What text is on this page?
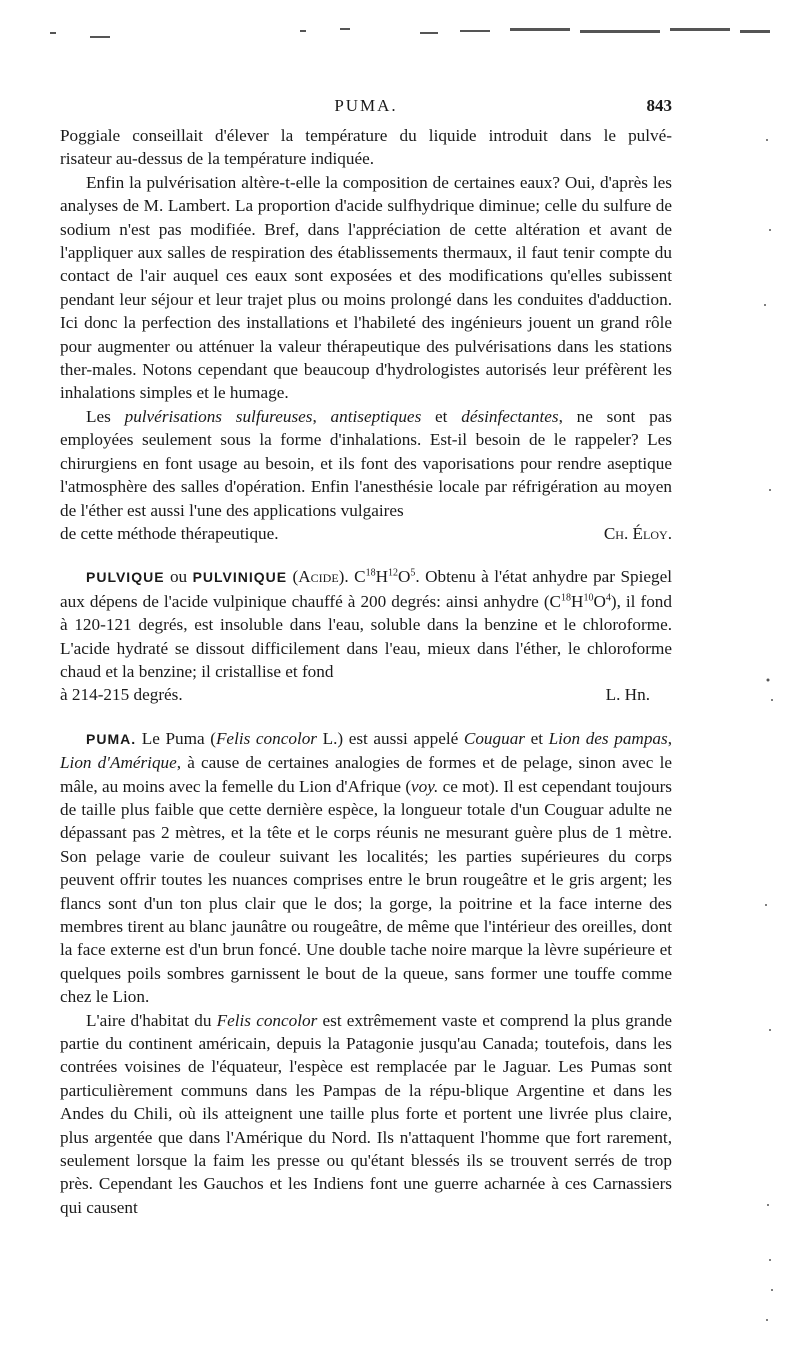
PUMA.	843

Poggiale conseillait d'élever la température du liquide introduit dans le pulvé-

risateur au-dessus de la température indiquée.

Enfin la pulvérisation altère-t-elle la composition de certaines eaux? Oui, d'après les analyses de M. Lambert. La proportion d'acide sulfhydrique diminue; celle du sulfure de sodium n'est pas modifiée. Bref, dans l'appréciation de cette altération et avant de l'appliquer aux salles de respiration des établissements thermaux, il faut tenir compte du contact de l'air auquel ces eaux sont exposées et des modifications qu'elles subissent pendant leur séjour et leur trajet plus ou moins prolongé dans les conduites d'adduction. Ici donc la perfection des installations et l'habileté des ingénieurs jouent un grand rôle pour augmenter ou atténuer la valeur thérapeutique des pulvérisations dans les stations ther-males. Notons cependant que beaucoup d'hydrologistes autorisés leur préfèrent les inhalations simples et le humage.

Les pulvérisations sulfureuses, antiseptiques et désinfectantes, ne sont pas employées seulement sous la forme d'inhalations. Est-il besoin de le rappeler? Les chirurgiens en font usage au besoin, et ils font des vaporisations pour rendre aseptique l'atmosphère des salles d'opération. Enfin l'anesthésie locale par réfrigération au moyen de l'éther est aussi l'une des applications vulgaires

de cette méthode thérapeutique.	Ch. Éloy.

PULVIQUE ou PULVINIQUE (Acide). $C^{18}H^{12}O^5$. Obtenu à l'état anhydre par Spiegel aux dépens de l'acide vulpinique chauffé à 200 degrés: ainsi anhydre $(C^{18}H^{10}O^4)$, il fond à 120-121 degrés, est insoluble dans l'eau, soluble dans la benzine et le chloroforme. L'acide hydraté se dissout difficilement dans l'eau, mieux dans l'éther, le chloroforme chaud et la benzine; il cristallise et fond

à 214-215 degrés.	L. Hn.

PUMA. Le Puma (Felis concolor L.) est aussi appelé Couguar et Lion des pampas, Lion d'Amérique, à cause de certaines analogies de formes et de pelage, sinon avec le mâle, au moins avec la femelle du Lion d'Afrique (voy. ce mot). Il est cependant toujours de taille plus faible que cette dernière espèce, la longueur totale d'un Couguar adulte ne dépassant pas 2 mètres, et la tête et le corps réunis ne mesurant guère plus de 1 mètre. Son pelage varie de couleur suivant les localités; les parties supérieures du corps peuvent offrir toutes les nuances comprises entre le brun rougeâtre et le gris argent; les flancs sont d'un ton plus clair que le dos; la gorge, la poitrine et la face interne des membres tirent au blanc jaunâtre ou rougeâtre, de même que l'intérieur des oreilles, dont la face externe est d'un brun foncé. Une double tache noire marque la lèvre supérieure et quelques poils sombres garnissent le bout de la queue, sans former une touffe comme chez le Lion.

L'aire d'habitat du Felis concolor est extrêmement vaste et comprend la plus grande partie du continent américain, depuis la Patagonie jusqu'au Canada; toutefois, dans les contrées voisines de l'équateur, l'espèce est remplacée par le Jaguar. Les Pumas sont particulièrement communs dans les Pampas de la répu-blique Argentine et dans les Andes du Chili, où ils atteignent une taille plus forte et portent une livrée plus claire, plus argentée que dans l'Amérique du Nord. Ils n'attaquent l'homme que fort rarement, seulement lorsque la faim les presse ou qu'étant blessés ils se trouvent serrés de trop près. Cependant les Gauchos et les Indiens font une guerre acharnée à ces Carnassiers qui causent
